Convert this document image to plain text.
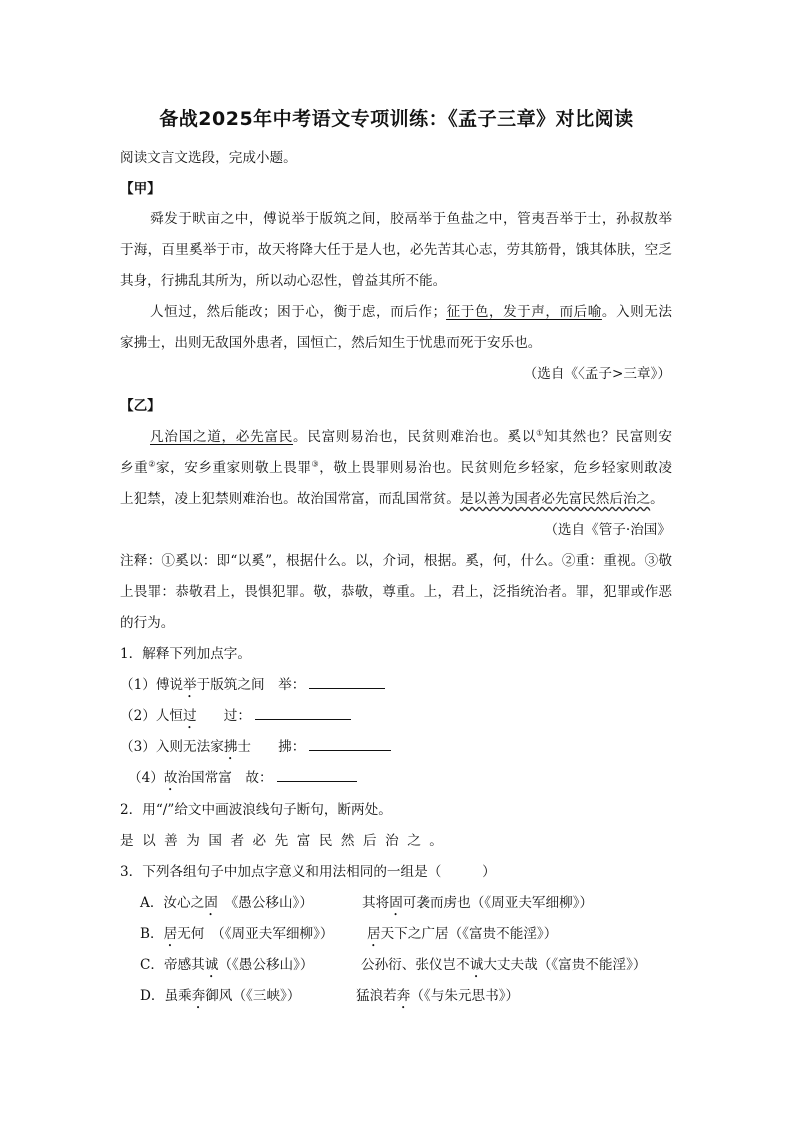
备战2025年中考语文专项训练：《孟子三章》对比阅读
阅读文言文选段，完成小题。
【甲】
舜发于畎亩之中，傅说举于版筑之间，胶鬲举于鱼盐之中，管夷吾举于士，孙叔敖举
于海，百里奚举于市，故天将降大任于是人也，必先苦其心志，劳其筋骨，饿其体肤，空乏
其身，行拂乱其所为，所以动心忍性，曾益其所不能。
人恒过，然后能改；困于心，衡于虑，而后作；征于色，发于声，而后喻。入则无法
家拂士，出则无敌国外患者，国恒亡，然后知生于忧患而死于安乐也。
（选自《〈孟子>三章》）
【乙】
凡治国之道，必先富民。民富则易治也，民贫则难治也。奚以①知其然也？民富则安
乡重②家，安乡重家则敬上畏罪③，敬上畏罪则易治也。民贫则危乡轻家，危乡轻家则敢凌
上犯禁，凌上犯禁则难治也。故治国常富，而乱国常贫。是以善为国者必先富民然后治之。
（选自《管子·治国》
注释：①奚以：即“以奚”，根据什么。以，介词，根据。奚，何，什么。②重：重视。③敬
上畏罪：恭敬君上，畏惧犯罪。敬，恭敬，尊重。上，君上，泛指统治者。罪，犯罪或作恶
的行为。
1．解释下列加点字。
（1）傅说举于版筑之间　举：
（2）人恒过　　过：
（3）入则无法家拂士　　拂：
（4）故治国常富　故：
2．用“/”给文中画波浪线句子断句，断两处。
是以善为国者必先富民然后治之。
3．下列各组句子中加点字意义和用法相同的一组是（　　　）
A．汝心之固　《愚公移山》）	其将固可袭而虏也（《周亚夫军细柳》）
B．居无何　（《周亚夫军细柳》） 居天下之广居（《富贵不能淫》）
C．帝感其诚（《愚公移山》）	公孙衍、张仪岂不诚大丈夫哉（《富贵不能淫》）
D．虽乘奔御风（《三峡》）	猛浪若奔（《与朱元思书》）
